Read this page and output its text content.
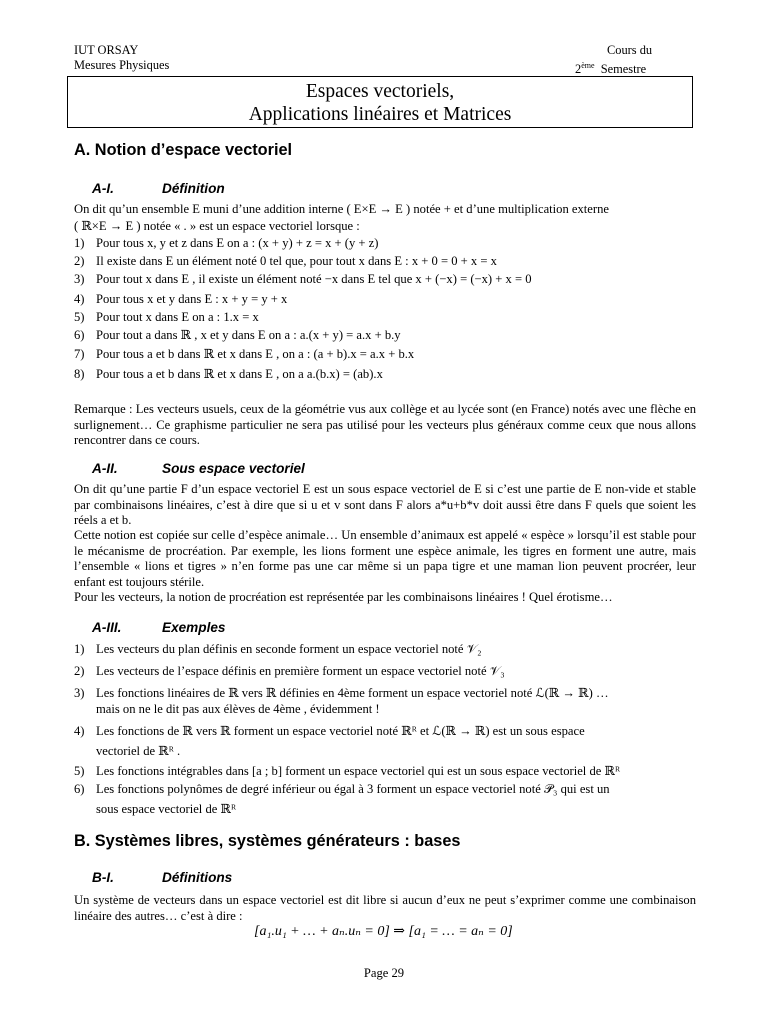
IUT ORSAY
Mesures Physiques
Cours du
2ème Semestre
Espaces vectoriels,
Applications linéaires et Matrices
A. Notion d’espace vectoriel
A-I.	Définition
On dit qu’un ensemble E muni d’une addition interne ( E×E → E ) notée + et d’une multiplication externe
( ℝ×E → E ) notée « . » est un espace vectoriel lorsque :
1) Pour tous x, y et z dans E on a : (x + y) + z = x + (y + z)
2) Il existe dans E un élément noté 0 tel que, pour tout x dans E : x + 0 = 0 + x = x
3) Pour tout x dans E , il existe un élément noté −x dans E tel que x + (−x) = (−x) + x = 0
4) Pour tous x et y dans E : x + y = y + x
5) Pour tout x dans E on a : 1.x = x
6) Pour tout a dans ℝ , x et y dans E on a : a.(x + y) = a.x + b.y
7) Pour tous a et b dans ℝ et x dans E , on a : (a + b).x = a.x + b.x
8) Pour tous a et b dans ℝ et x dans E , on a a.(b.x) = (ab).x
Remarque : Les vecteurs usuels, ceux de la géométrie vus aux collège et au lycée sont (en France) notés avec une flèche en surlignement… Ce graphisme particulier ne sera pas utilisé pour les vecteurs plus généraux comme ceux que nous allons rencontrer dans ce cours.
A-II.	Sous espace vectoriel
On dit qu’une partie F d’un espace vectoriel E est un sous espace vectoriel de E si c’est une partie de E non-vide et stable par combinaisons linéaires, c’est à dire que si u et v sont dans F alors a*u+b*v doit aussi être dans F quels que soient les réels a et b.
Cette notion est copiée sur celle d’espèce animale… Un ensemble d’animaux est appelé « espèce » lorsqu’il est stable pour le mécanisme de procréation. Par exemple, les lions forment une espèce animale, les tigres en forment une autre, mais l’ensemble « lions et tigres » n’en forme pas une car même si un papa tigre et une maman lion peuvent procréer, leur enfant est toujours stérile.
Pour les vecteurs, la notion de procréation est représentée par les combinaisons linéaires ! Quel érotisme…
A-III.	Exemples
1) Les vecteurs du plan définis en seconde forment un espace vectoriel noté 𝒱₂
2) Les vecteurs de l’espace définis en première forment un espace vectoriel noté 𝒱₃
3) Les fonctions linéaires de ℝ vers ℝ définies en 4ème forment un espace vectoriel noté ℒ(ℝ → ℝ) …
mais on ne le dit pas aux élèves de 4ème , évidemment !
4) Les fonctions de ℝ vers ℝ forment un espace vectoriel noté ℝᴿ et ℒ(ℝ → ℝ) est un sous espace
vectoriel de ℝᴿ .
5) Les fonctions intégrables dans [a ; b] forment un espace vectoriel qui est un sous espace vectoriel de ℝᴿ
6) Les fonctions polynômes de degré inférieur ou égal à 3 forment un espace vectoriel noté 𝒫₃ qui est un
sous espace vectoriel de ℝᴿ
B. Systèmes libres, systèmes générateurs : bases
B-I.	Définitions
Un système de vecteurs dans un espace vectoriel est dit libre si aucun d’eux ne peut s’exprimer comme une combinaison linéaire des autres… c’est à dire :
[a₁.u₁ + … + aₙ.uₙ = 0] ⇒ [a₁ = … = aₙ = 0]
Page 29
